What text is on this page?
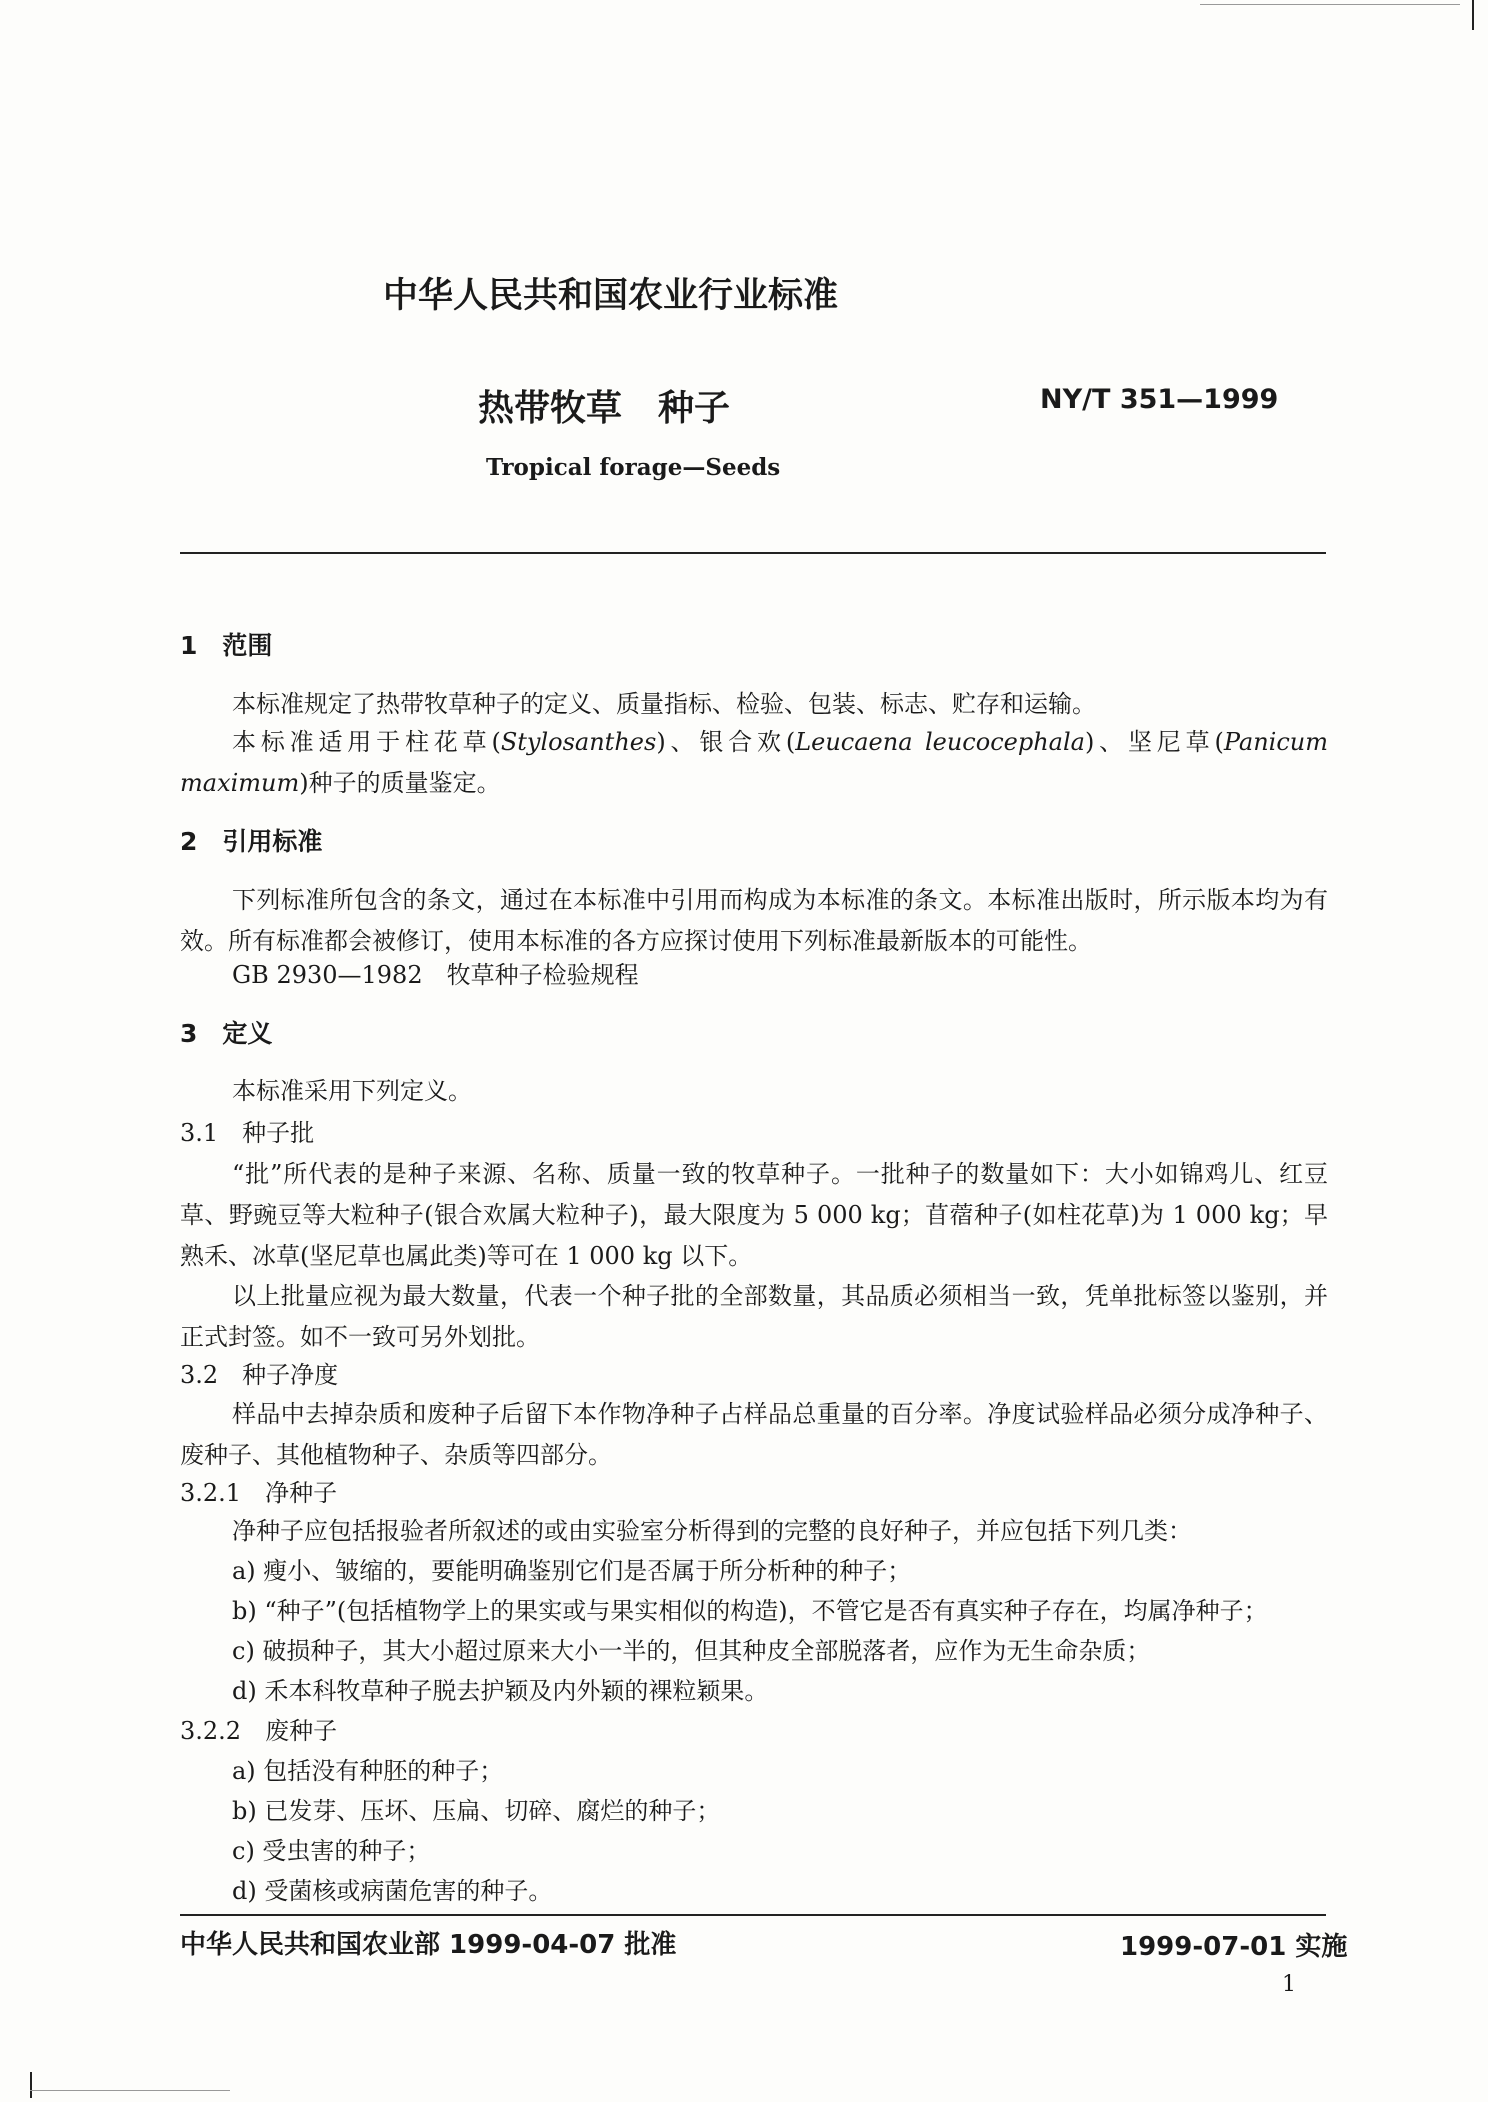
中华人民共和国农业行业标准
热带牧草　种子	NY/T 351—1999
Tropical forage—Seeds
1　范围
本标准规定了热带牧草种子的定义、质量指标、检验、包装、标志、贮存和运输。
本标准适用于柱花草(Stylosanthes)、银合欢(Leucaena leucocephala)、坚尼草(Panicum maximum)种子的质量鉴定。
2　引用标准
下列标准所包含的条文，通过在本标准中引用而构成为本标准的条文。本标准出版时，所示版本均为有效。所有标准都会被修订，使用本标准的各方应探讨使用下列标准最新版本的可能性。
GB 2930—1982　牧草种子检验规程
3　定义
本标准采用下列定义。
3.1　种子批
“批”所代表的是种子来源、名称、质量一致的牧草种子。一批种子的数量如下：大小如锦鸡儿、红豆草、野豌豆等大粒种子(银合欢属大粒种子)，最大限度为 5 000 kg；苜蓿种子(如柱花草)为 1 000 kg；早熟禾、冰草(坚尼草也属此类)等可在 1 000 kg 以下。
以上批量应视为最大数量，代表一个种子批的全部数量，其品质必须相当一致，凭单批标签以鉴别，并正式封签。如不一致可另外划批。
3.2　种子净度
样品中去掉杂质和废种子后留下本作物净种子占样品总重量的百分率。净度试验样品必须分成净种子、废种子、其他植物种子、杂质等四部分。
3.2.1　净种子
净种子应包括报验者所叙述的或由实验室分析得到的完整的良好种子，并应包括下列几类：
a) 瘦小、皱缩的，要能明确鉴别它们是否属于所分析种的种子；
b) “种子”(包括植物学上的果实或与果实相似的构造)，不管它是否有真实种子存在，均属净种子；
c) 破损种子，其大小超过原来大小一半的，但其种皮全部脱落者，应作为无生命杂质；
d) 禾本科牧草种子脱去护颖及内外颖的裸粒颖果。
3.2.2　废种子
a) 包括没有种胚的种子；
b) 已发芽、压坏、压扁、切碎、腐烂的种子；
c) 受虫害的种子；
d) 受菌核或病菌危害的种子。
中华人民共和国农业部 1999-04-07 批准	1999-07-01 实施
1
